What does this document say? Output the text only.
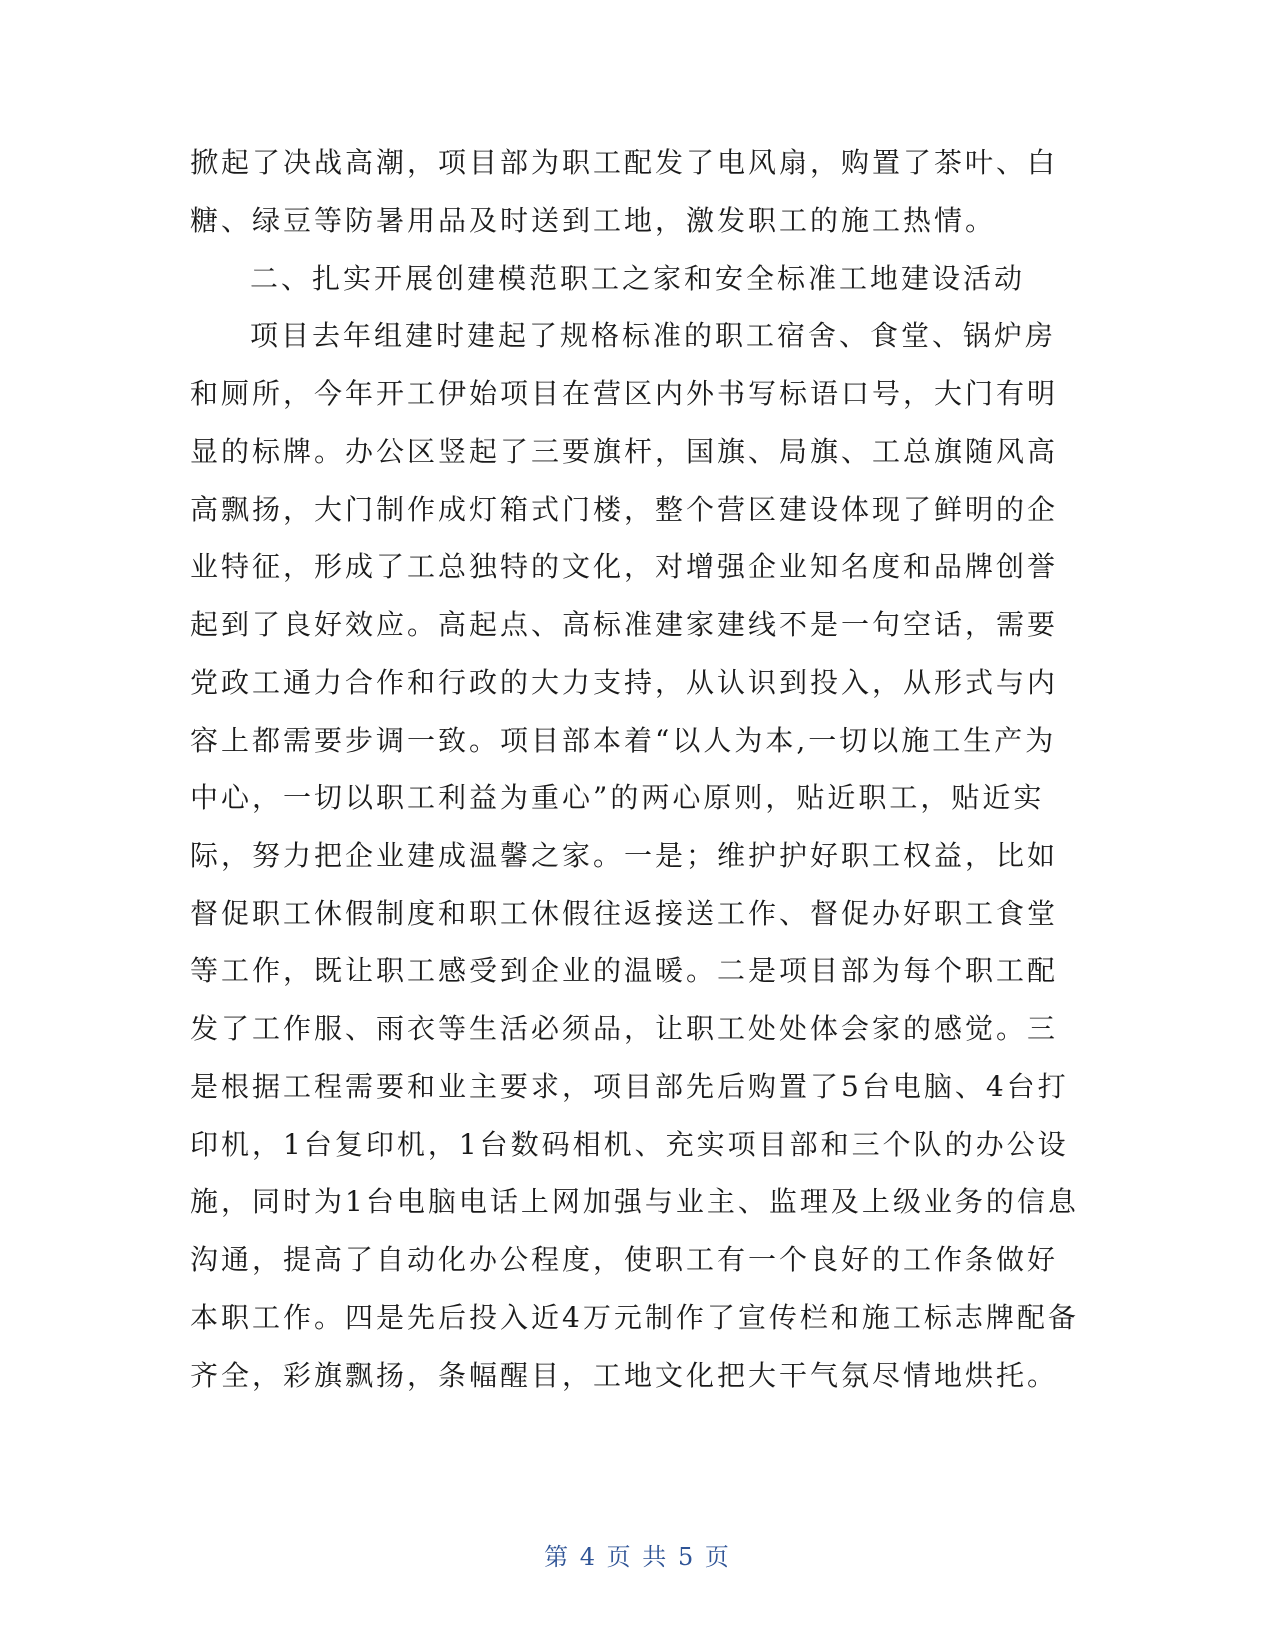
掀起了决战高潮，项目部为职工配发了电风扇，购置了茶叶、白
糖、绿豆等防暑用品及时送到工地，激发职工的施工热情。
二、扎实开展创建模范职工之家和安全标准工地建设活动
项目去年组建时建起了规格标准的职工宿舍、食堂、锅炉房
和厕所，今年开工伊始项目在营区内外书写标语口号，大门有明
显的标牌。办公区竖起了三要旗杆，国旗、局旗、工总旗随风高
高飘扬，大门制作成灯箱式门楼，整个营区建设体现了鲜明的企
业特征，形成了工总独特的文化，对增强企业知名度和品牌创誉
起到了良好效应。高起点、高标准建家建线不是一句空话，需要
党政工通力合作和行政的大力支持，从认识到投入，从形式与内
容上都需要步调一致。项目部本着“以人为本,一切以施工生产为
中心，一切以职工利益为重心”的两心原则，贴近职工，贴近实
际，努力把企业建成温馨之家。一是；维护护好职工权益，比如
督促职工休假制度和职工休假往返接送工作、督促办好职工食堂
等工作，既让职工感受到企业的温暖。二是项目部为每个职工配
发了工作服、雨衣等生活必须品，让职工处处体会家的感觉。三
是根据工程需要和业主要求，项目部先后购置了5台电脑、4台打
印机，1台复印机，1台数码相机、充实项目部和三个队的办公设
施，同时为1台电脑电话上网加强与业主、监理及上级业务的信息
沟通，提高了自动化办公程度，使职工有一个良好的工作条做好
本职工作。四是先后投入近4万元制作了宣传栏和施工标志牌配备
齐全，彩旗飘扬，条幅醒目，工地文化把大干气氛尽情地烘托。
第 4 页 共 5 页
